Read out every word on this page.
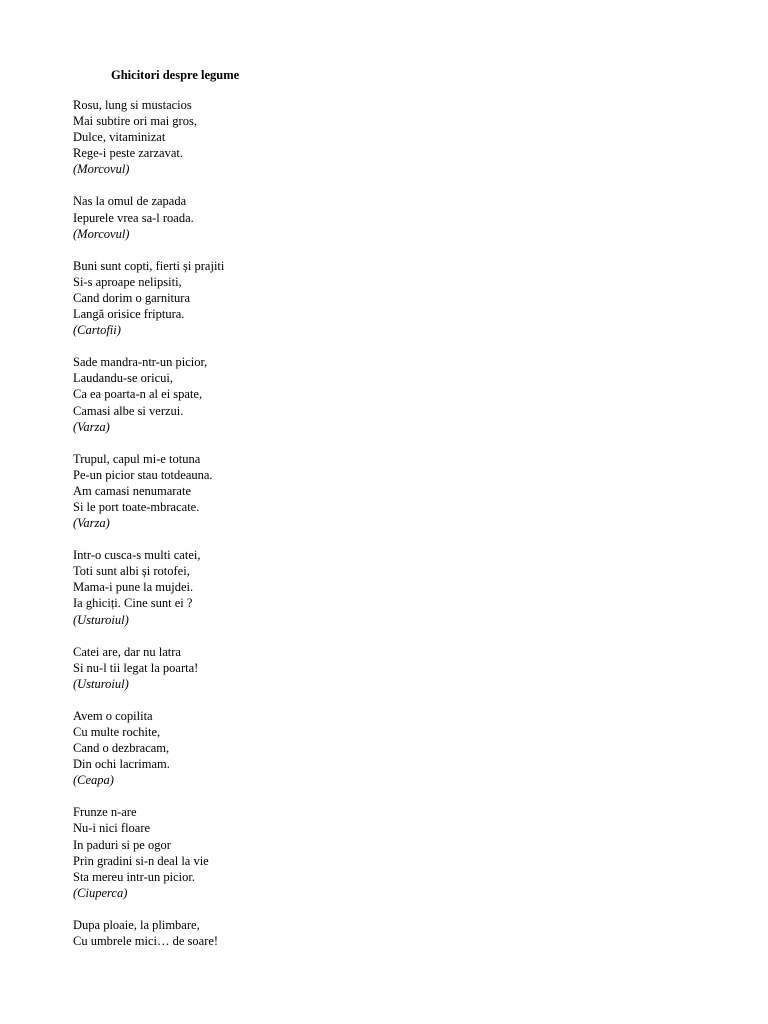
Ghicitori despre legume
Rosu, lung si mustacios
Mai subtire ori mai gros,
Dulce, vitaminizat
Rege-i peste zarzavat.
(Morcovul)
Nas la omul de zapada
Iepurele vrea sa-l roada.
(Morcovul)
Buni sunt copti, fierti și prajiti
Si-s aproape nelipsiti,
Cand dorim o garnitura
Langă orisice friptura.
(Cartofii)
Sade mandra-ntr-un picior,
Laudandu-se oricui,
Ca ea poarta-n al ei spate,
Camasi albe si verzui.
(Varza)
Trupul, capul mi-e totuna
Pe-un picior stau totdeauna.
Am camasi nenumarate
Si le port toate-mbracate.
(Varza)
Intr-o cusca-s multi catei,
Toti sunt albi și rotofei,
Mama-i pune la mujdei.
Ia ghiciți. Cine sunt ei ?
(Usturoiul)
Catei are, dar nu latra
Si nu-l tii legat la poarta!
(Usturoiul)
Avem o copilita
Cu multe rochite,
Cand o dezbracam,
Din ochi lacrimam.
(Ceapa)
Frunze n-are
Nu-i nici floare
In paduri si pe ogor
Prin gradini si-n deal la vie
Sta mereu intr-un picior.
(Ciuperca)
Dupa ploaie, la plimbare,
Cu umbrele mici… de soare!
